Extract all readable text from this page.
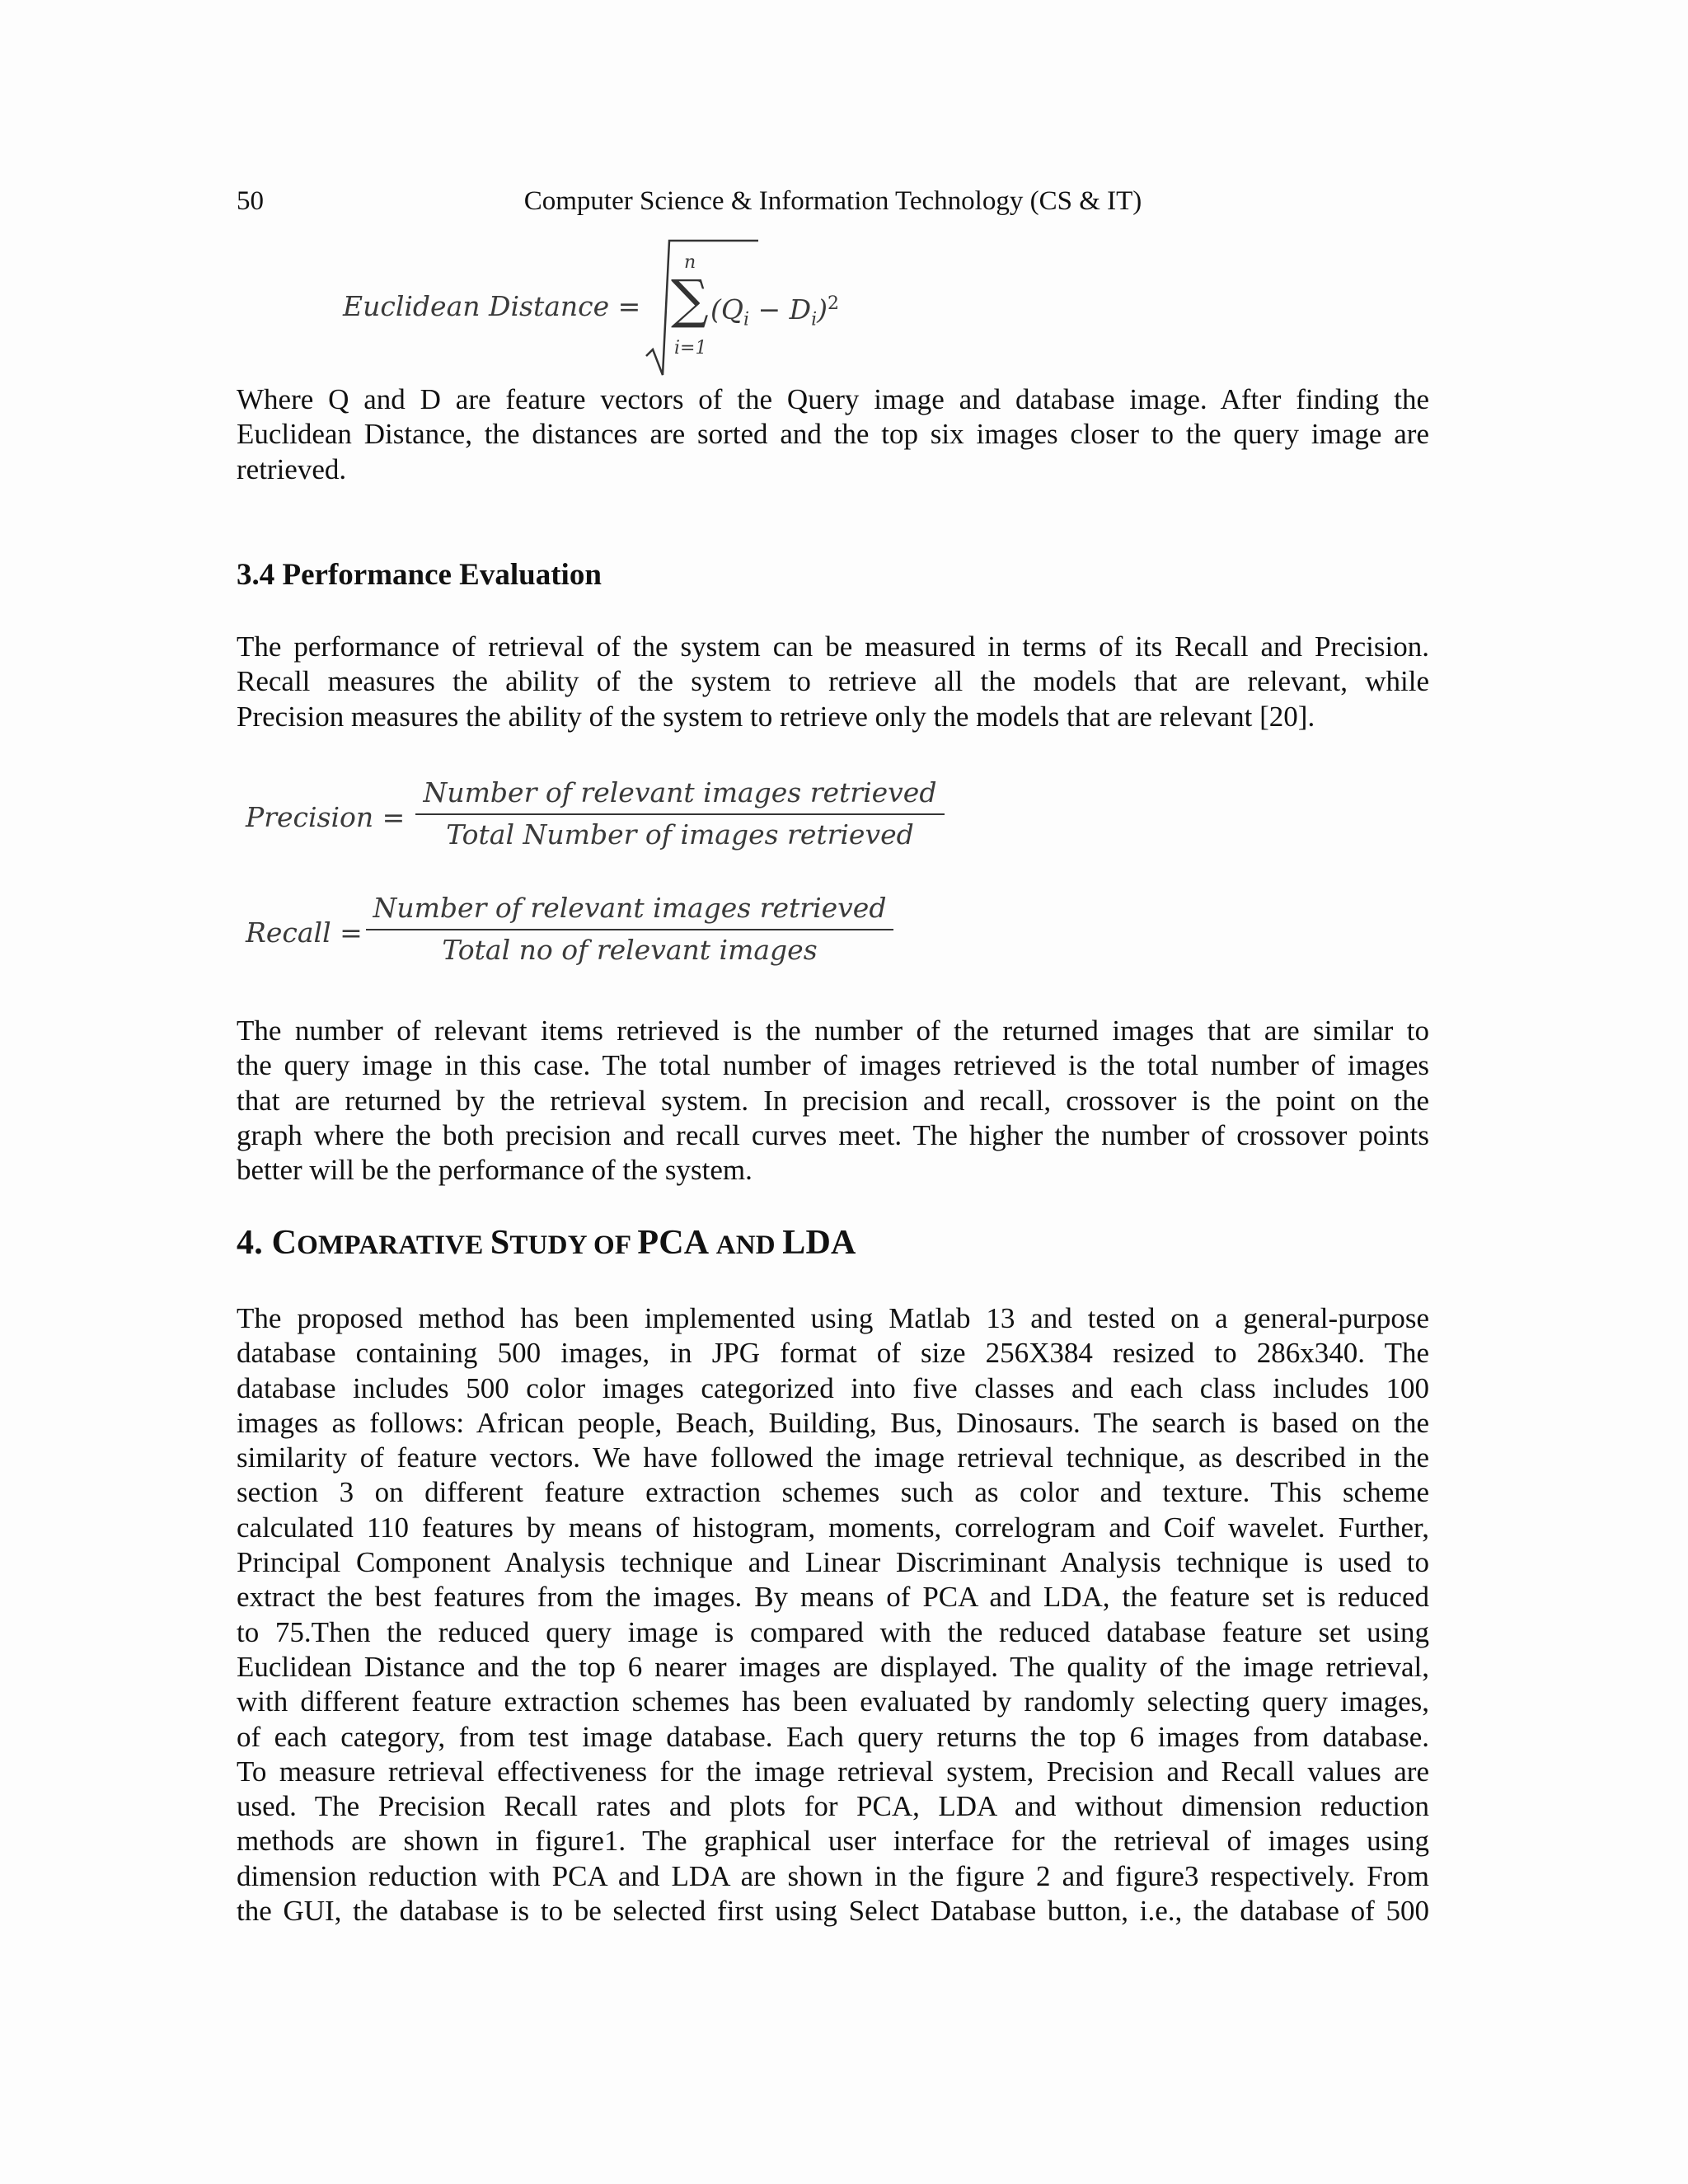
50	Computer Science & Information Technology (CS & IT)
Euclidean Distance =
n
∑
i=1
$(Q_i - D_i)^2$
Where Q and D are feature vectors of the Query image and database image. After finding the
Euclidean Distance, the distances are sorted and the top six images closer to the query image are
retrieved.
3.4 Performance Evaluation
The performance of retrieval of the system can be measured in terms of its Recall and Precision.
Recall measures the ability of the system to retrieve all the models that are relevant, while
Precision measures the ability of the system to retrieve only the models that are relevant [20].
Precision =
Number of relevant images retrieved
Total Number of images retrieved
Recall =
Number of relevant images retrieved
Total no of relevant images
The number of relevant items retrieved is the number of the returned images that are similar to
the query image in this case. The total number of images retrieved is the total number of images
that are returned by the retrieval system. In precision and recall, crossover is the point on the
graph where the both precision and recall curves meet. The higher the number of crossover points
better will be the performance of the system.
4. COMPARATIVE STUDY OF PCA AND LDA
The proposed method has been implemented using Matlab 13 and tested on a general-purpose
database containing 500 images, in JPG format of size 256X384 resized to 286x340. The
database includes 500 color images categorized into five classes and each class includes 100
images as follows: African people, Beach, Building, Bus, Dinosaurs. The search is based on the
similarity of feature vectors. We have followed the image retrieval technique, as described in the
section 3 on different feature extraction schemes such as color and texture. This scheme
calculated 110 features by means of histogram, moments, correlogram and Coif wavelet. Further,
Principal Component Analysis technique and Linear Discriminant Analysis technique is used to
extract the best features from the images. By means of PCA and LDA, the feature set is reduced
to 75.Then the reduced query image is compared with the reduced database feature set using
Euclidean Distance and the top 6 nearer images are displayed. The quality of the image retrieval,
with different feature extraction schemes has been evaluated by randomly selecting query images,
of each category, from test image database. Each query returns the top 6 images from database.
To measure retrieval effectiveness for the image retrieval system, Precision and Recall values are
used. The Precision Recall rates and plots for PCA, LDA and without dimension reduction
methods are shown in figure1. The graphical user interface for the retrieval of images using
dimension reduction with PCA and LDA are shown in the figure 2 and figure3 respectively. From
the GUI, the database is to be selected first using Select Database button, i.e., the database of 500
